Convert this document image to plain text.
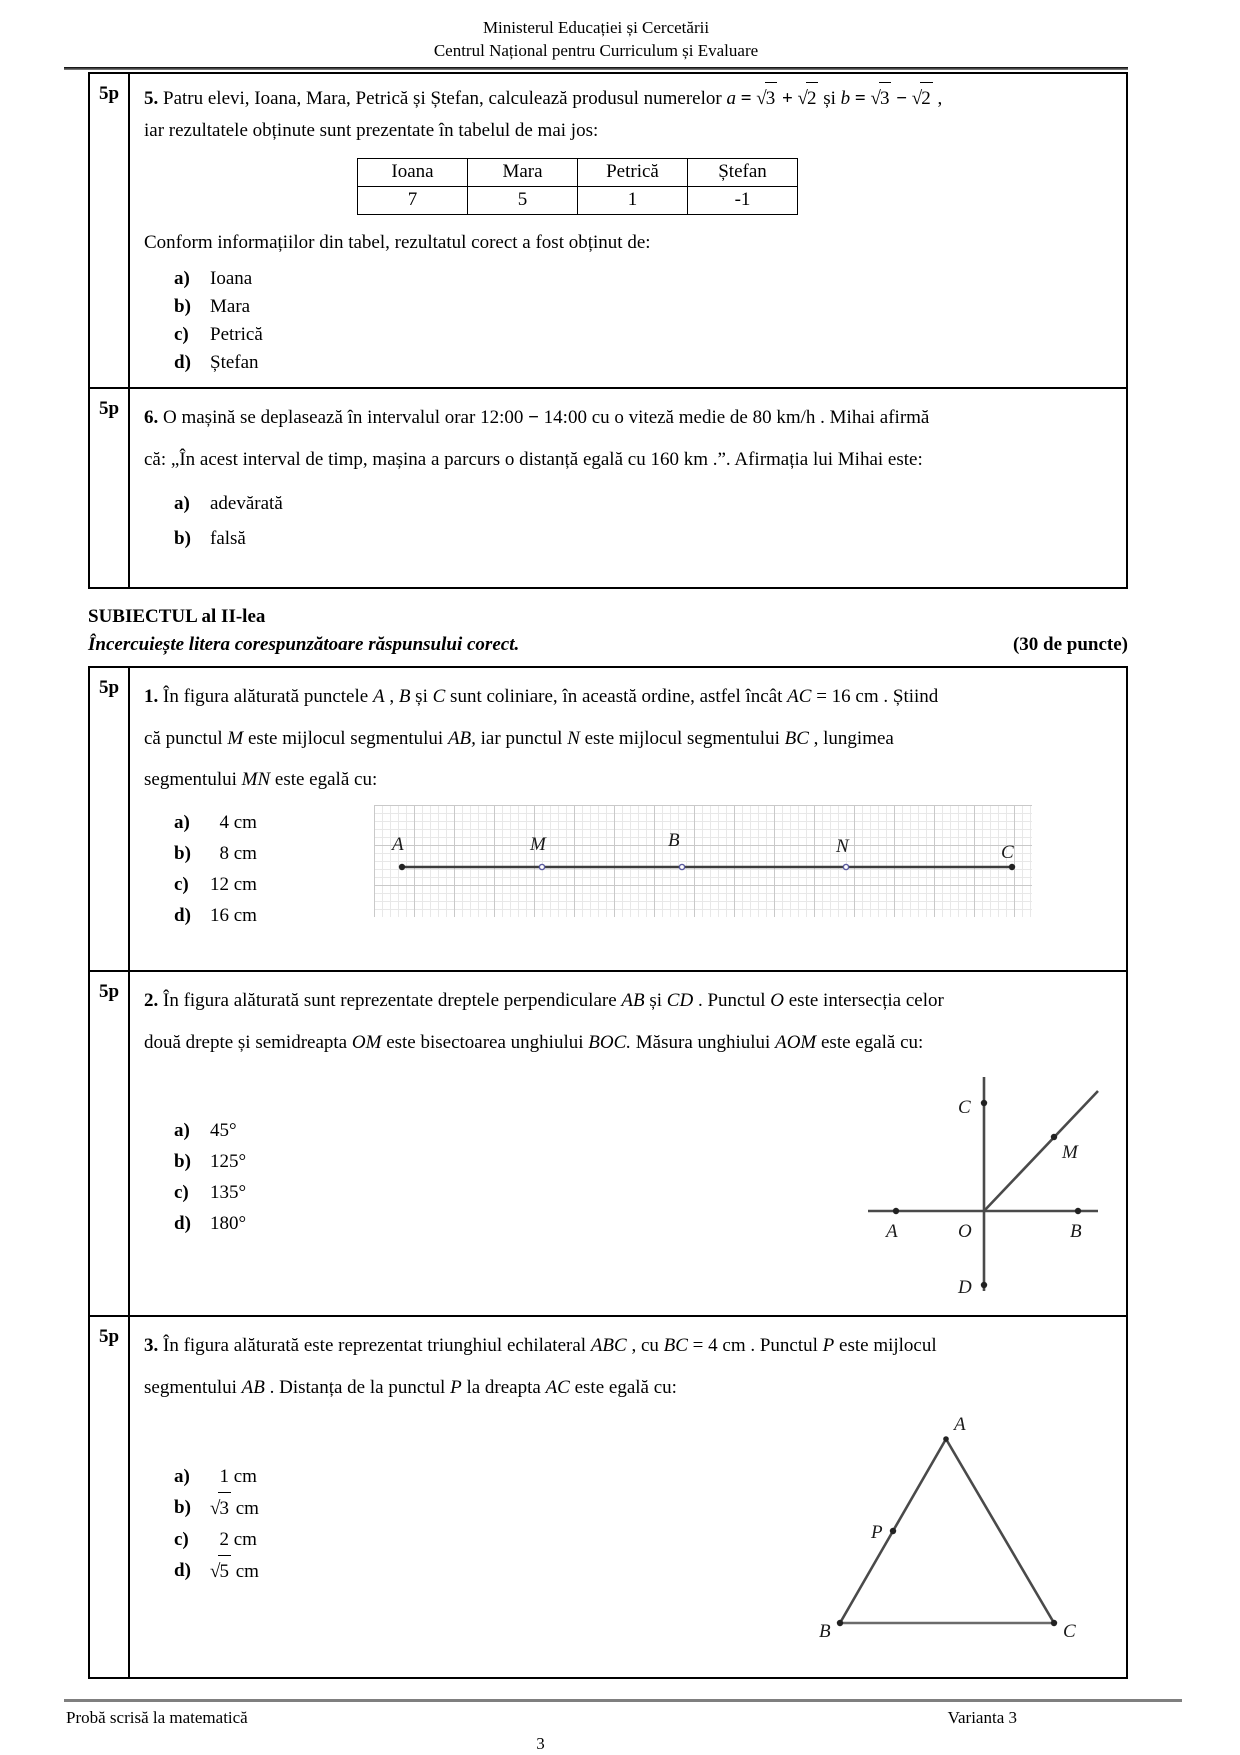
Ministerul Educației și Cercetării
Centrul Național pentru Curriculum și Evaluare
5p	5. Patru elevi, Ioana, Mara, Petrică și Ștefan, calculează produsul numerelor a = √3 + √2 și b = √3 − √2 ,

iar rezultatele obținute sunt prezentate în tabelul de mai jos:

Ioana	Mara	Petrică	Ștefan
7	5	1	-1

Conform informațiilor din tabel, rezultatul corect a fost obținut de:

a)	Ioana
b)	Mara
c)	Petrică
d)	Ștefan
5p	6. O mașină se deplasează în intervalul orar 12:00 − 14:00 cu o viteză medie de 80 km/h . Mihai afirmă

că: „În acest interval de timp, mașina a parcurs o distanță egală cu 160 km .”. Afirmația lui Mihai este:

a)	adevărată
b)	falsă
SUBIECTUL al II-lea
Încercuiește litera corespunzătoare răspunsului corect.	(30 de puncte)
5p	1. În figura alăturată punctele A , B și C sunt coliniare, în această ordine, astfel încât AC = 16 cm . Știind

că punctul M este mijlocul segmentului AB, iar punctul N este mijlocul segmentului BC , lungimea

segmentului MN este egală cu:

a)	4 cm
b)	8 cm
c)	12 cm
d)	16 cm
A	M	B	N	C
5p	2. În figura alăturată sunt reprezentate dreptele perpendiculare AB și CD . Punctul O este intersecția celor

două drepte și semidreapta OM este bisectoarea unghiului BOC. Măsura unghiului AOM este egală cu:

a)	45°
b)	125°
c)	135°
d)	180°
C
M
A	O	B
D
5p	3. În figura alăturată este reprezentat triunghiul echilateral ABC , cu BC = 4 cm . Punctul P este mijlocul

segmentului AB . Distanța de la punctul P la dreapta AC este egală cu:

a)	1 cm
b)	√3 cm
c)	2 cm
d)	√5 cm
A
P
B	C
Probă scrisă la matematică	Varianta 3
3
